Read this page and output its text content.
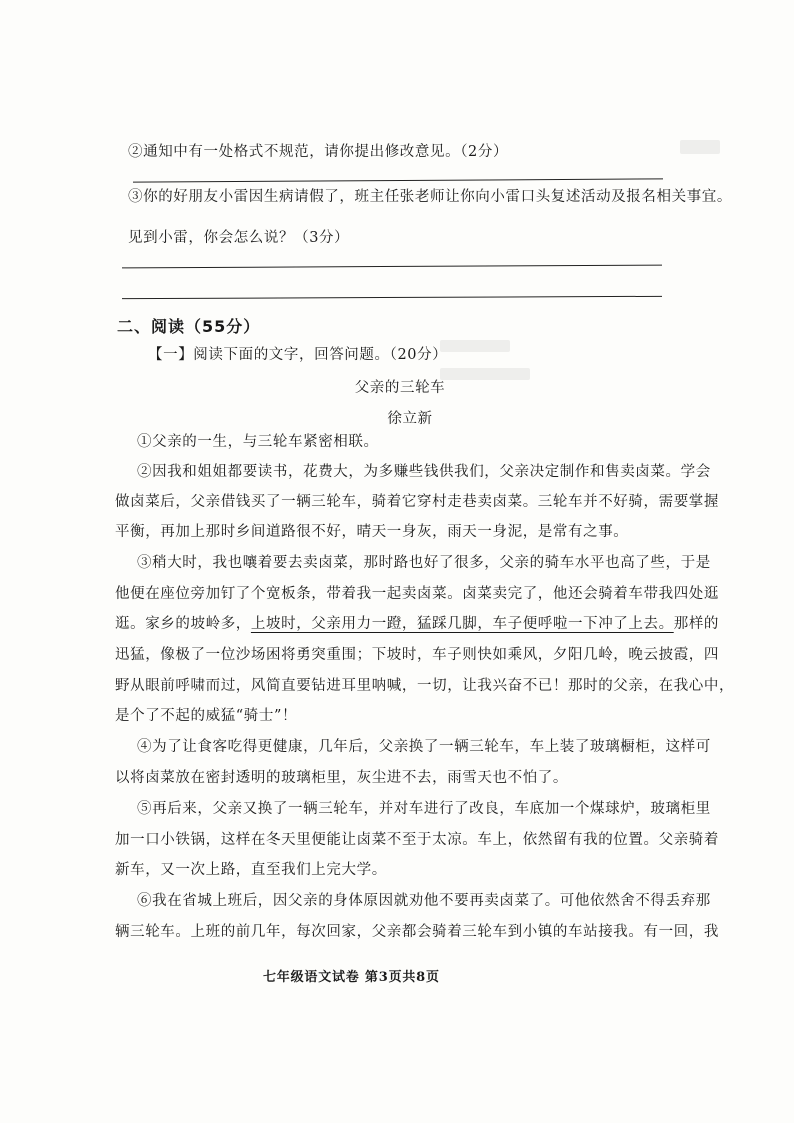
②通知中有一处格式不规范，请你提出修改意见。（2分）
③你的好朋友小雷因生病请假了，班主任张老师让你向小雷口头复述活动及报名相关事宜。
见到小雷，你会怎么说？（3分）
二、阅读（55分）
【一】阅读下面的文字，回答问题。（20分）
父亲的三轮车
徐立新
①父亲的一生，与三轮车紧密相联。
②因我和姐姐都要读书，花费大，为多赚些钱供我们，父亲决定制作和售卖卤菜。学会
做卤菜后，父亲借钱买了一辆三轮车，骑着它穿村走巷卖卤菜。三轮车并不好骑，需要掌握
平衡，再加上那时乡间道路很不好，晴天一身灰，雨天一身泥，是常有之事。
③稍大时，我也嚷着要去卖卤菜，那时路也好了很多，父亲的骑车水平也高了些，于是
他便在座位旁加钉了个宽板条，带着我一起卖卤菜。卤菜卖完了，他还会骑着车带我四处逛
逛。家乡的坡岭多，上坡时，父亲用力一蹬，猛踩几脚，车子便呼啦一下冲了上去。那样的
迅猛，像极了一位沙场困将勇突重围；下坡时，车子则快如乘风，夕阳几岭，晚云披霞，四
野从眼前呼啸而过，风简直要钻进耳里呐喊，一切，让我兴奋不已！那时的父亲，在我心中，
是个了不起的威猛“骑士”！
④为了让食客吃得更健康，几年后，父亲换了一辆三轮车，车上装了玻璃橱柜，这样可
以将卤菜放在密封透明的玻璃柜里，灰尘进不去，雨雪天也不怕了。
⑤再后来，父亲又换了一辆三轮车，并对车进行了改良，车底加一个煤球炉，玻璃柜里
加一口小铁锅，这样在冬天里便能让卤菜不至于太凉。车上，依然留有我的位置。父亲骑着
新车，又一次上路，直至我们上完大学。
⑥我在省城上班后，因父亲的身体原因就劝他不要再卖卤菜了。可他依然舍不得丢弃那
辆三轮车。上班的前几年，每次回家，父亲都会骑着三轮车到小镇的车站接我。有一回，我
七年级语文试卷 第3页共8页
